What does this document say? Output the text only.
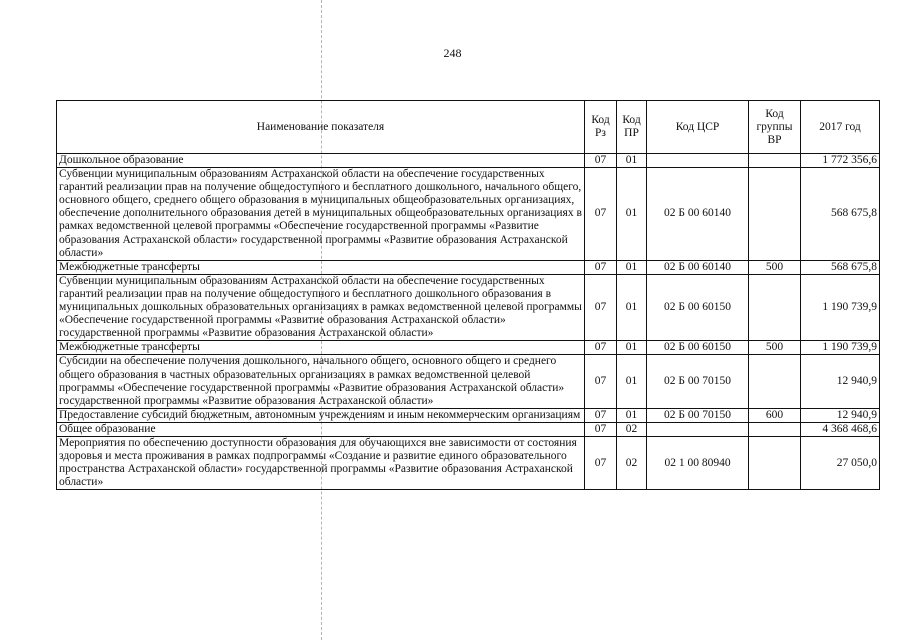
248
Наименование показателя	Код Рз	Код ПР	Код ЦСР	Код группы ВР	2017 год
Дошкольное образование	07	01			1 772 356,6
Субвенции муниципальным образованиям Астраханской области на обеспечение государственных гарантий реализации прав на получение общедоступного и бесплатного дошкольного, начального общего, основного общего, среднего общего образования в муниципальных общеобразовательных организациях, обеспечение дополнительного образования детей в муниципальных общеобразовательных организациях в рамках ведомственной целевой программы «Обеспечение государственной программы «Развитие образования Астраханской области» государственной программы «Развитие образования Астраханской области»	07	01	02 Б 00 60140		568 675,8
Межбюджетные трансферты	07	01	02 Б 00 60140	500	568 675,8
Субвенции муниципальным образованиям Астраханской области на обеспечение государственных гарантий реализации прав на получение общедоступного и бесплатного дошкольного образования в муниципальных дошкольных образовательных организациях в рамках ведомственной целевой программы «Обеспечение государственной программы «Развитие образования Астраханской области» государственной программы «Развитие образования Астраханской области»	07	01	02 Б 00 60150		1 190 739,9
Межбюджетные трансферты	07	01	02 Б 00 60150	500	1 190 739,9
Субсидии на обеспечение получения дошкольного, начального общего, основного общего и среднего общего образования в частных образовательных организациях в рамках ведомственной целевой программы «Обеспечение государственной программы «Развитие образования Астраханской области» государственной программы «Развитие образования Астраханской области»	07	01	02 Б 00 70150		12 940,9
Предоставление субсидий бюджетным, автономным учреждениям и иным некоммерческим организациям	07	01	02 Б 00 70150	600	12 940,9
Общее образование	07	02			4 368 468,6
Мероприятия по обеспечению доступности образования для обучающихся вне зависимости от состояния здоровья и места проживания в рамках подпрограммы «Создание и развитие единого образовательного пространства Астраханской области» государственной программы «Развитие образования Астраханской области»	07	02	02 1 00 80940		27 050,0
